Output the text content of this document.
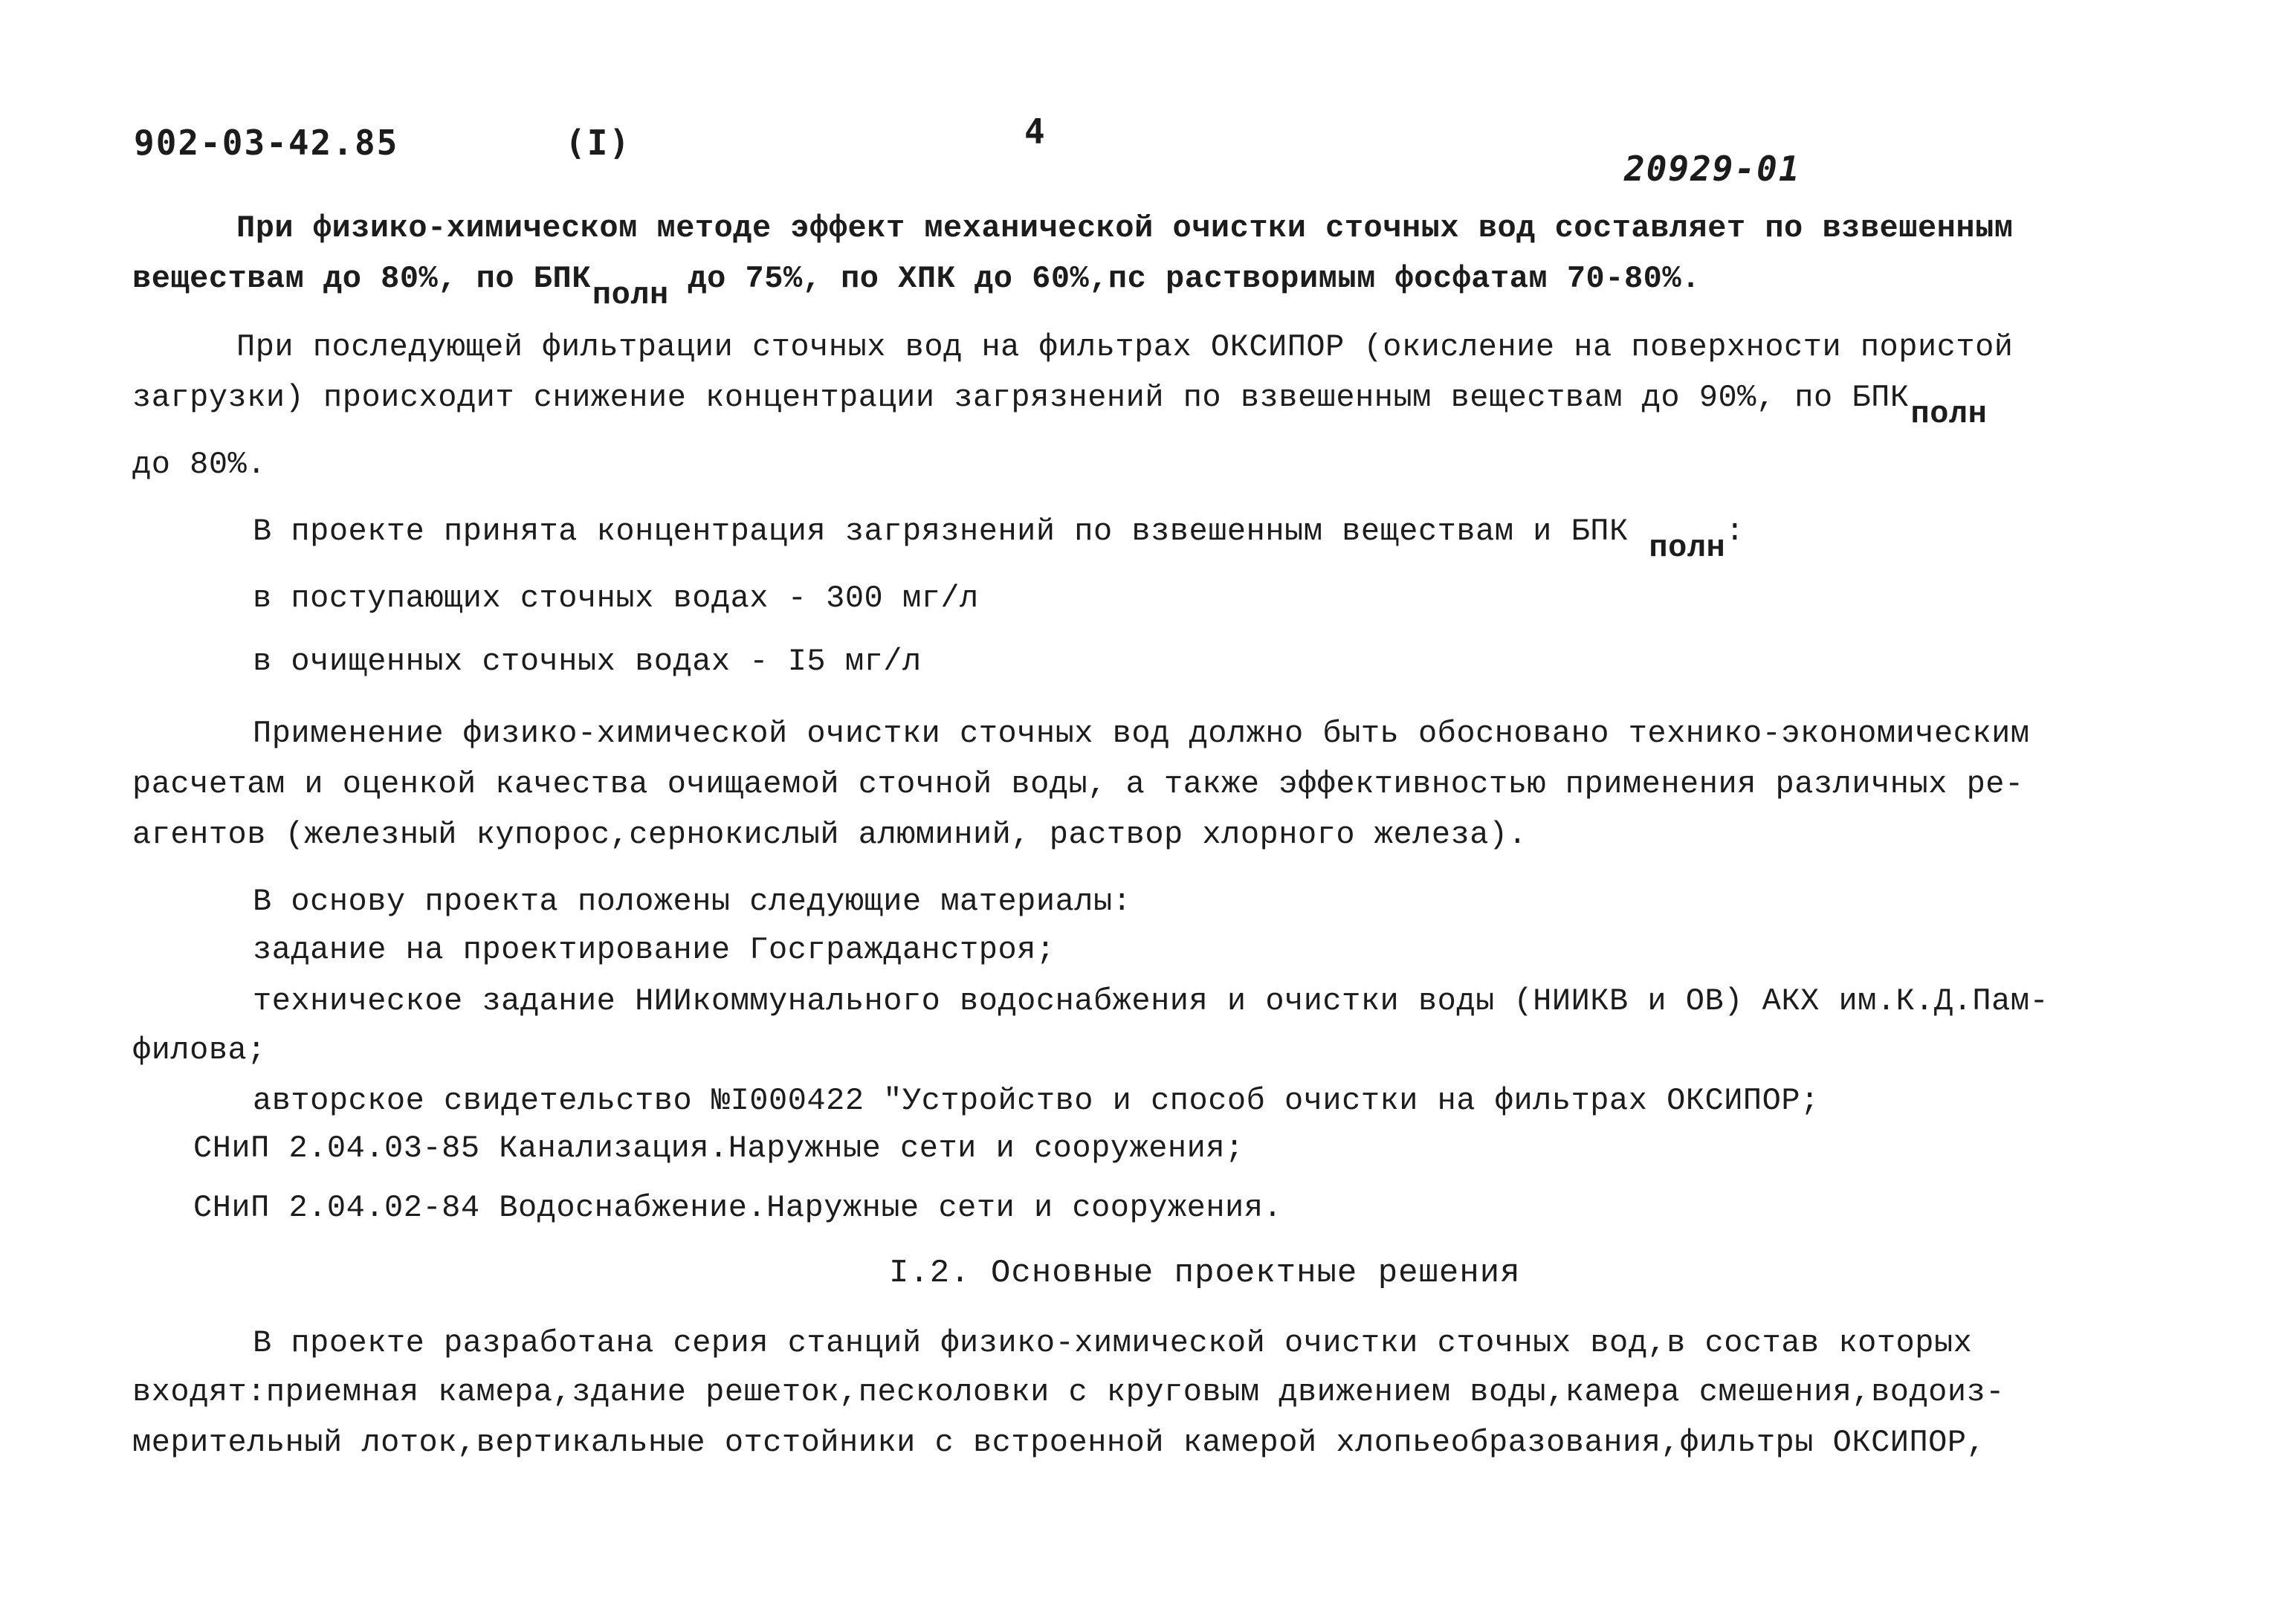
902-03-42.85	(I)	4
20929-01
При физико-химическом методе эффект механической очистки сточных вод составляет по взвешенным
веществам до 80%, по БПКполн до 75%, по ХПК до 60%,пс растворимым фосфатам 70-80%.
При последующей фильтрации сточных вод на фильтрах ОКСИПОР (окисление на поверхности пористой
загрузки) происходит снижение концентрации загрязнений по взвешенным веществам до 90%, по БПКполн
до 80%.
В проекте принята концентрация загрязнений по взвешенным веществам и БПК полн:
в поступающих сточных водах - 300 мг/л
в очищенных сточных водах - I5 мг/л
Применение физико-химической очистки сточных вод должно быть обосновано технико-экономическим
расчетам и оценкой качества очищаемой сточной воды, а также эффективностью применения различных ре-
агентов (железный купорос,сернокислый алюминий, раствор хлорного железа).
В основу проекта положены следующие материалы:
задание на проектирование Госгражданстроя;
техническое задание НИИкоммунального водоснабжения и очистки воды (НИИКВ и ОВ) АКХ им.К.Д.Пам-
филова;
авторское свидетельство №I000422 "Устройство и способ очистки на фильтрах ОКСИПОР;
СНиП 2.04.03-85 Канализация.Наружные сети и сооружения;
СНиП 2.04.02-84 Водоснабжение.Наружные сети и сооружения.
I.2. Основные проектные решения
В проекте разработана серия станций физико-химической очистки сточных вод,в состав которых
входят:приемная камера,здание решеток,песколовки с круговым движением воды,камера смешения,водоиз-
мерительный лоток,вертикальные отстойники с встроенной камерой хлопьеобразования,фильтры ОКСИПОР,
